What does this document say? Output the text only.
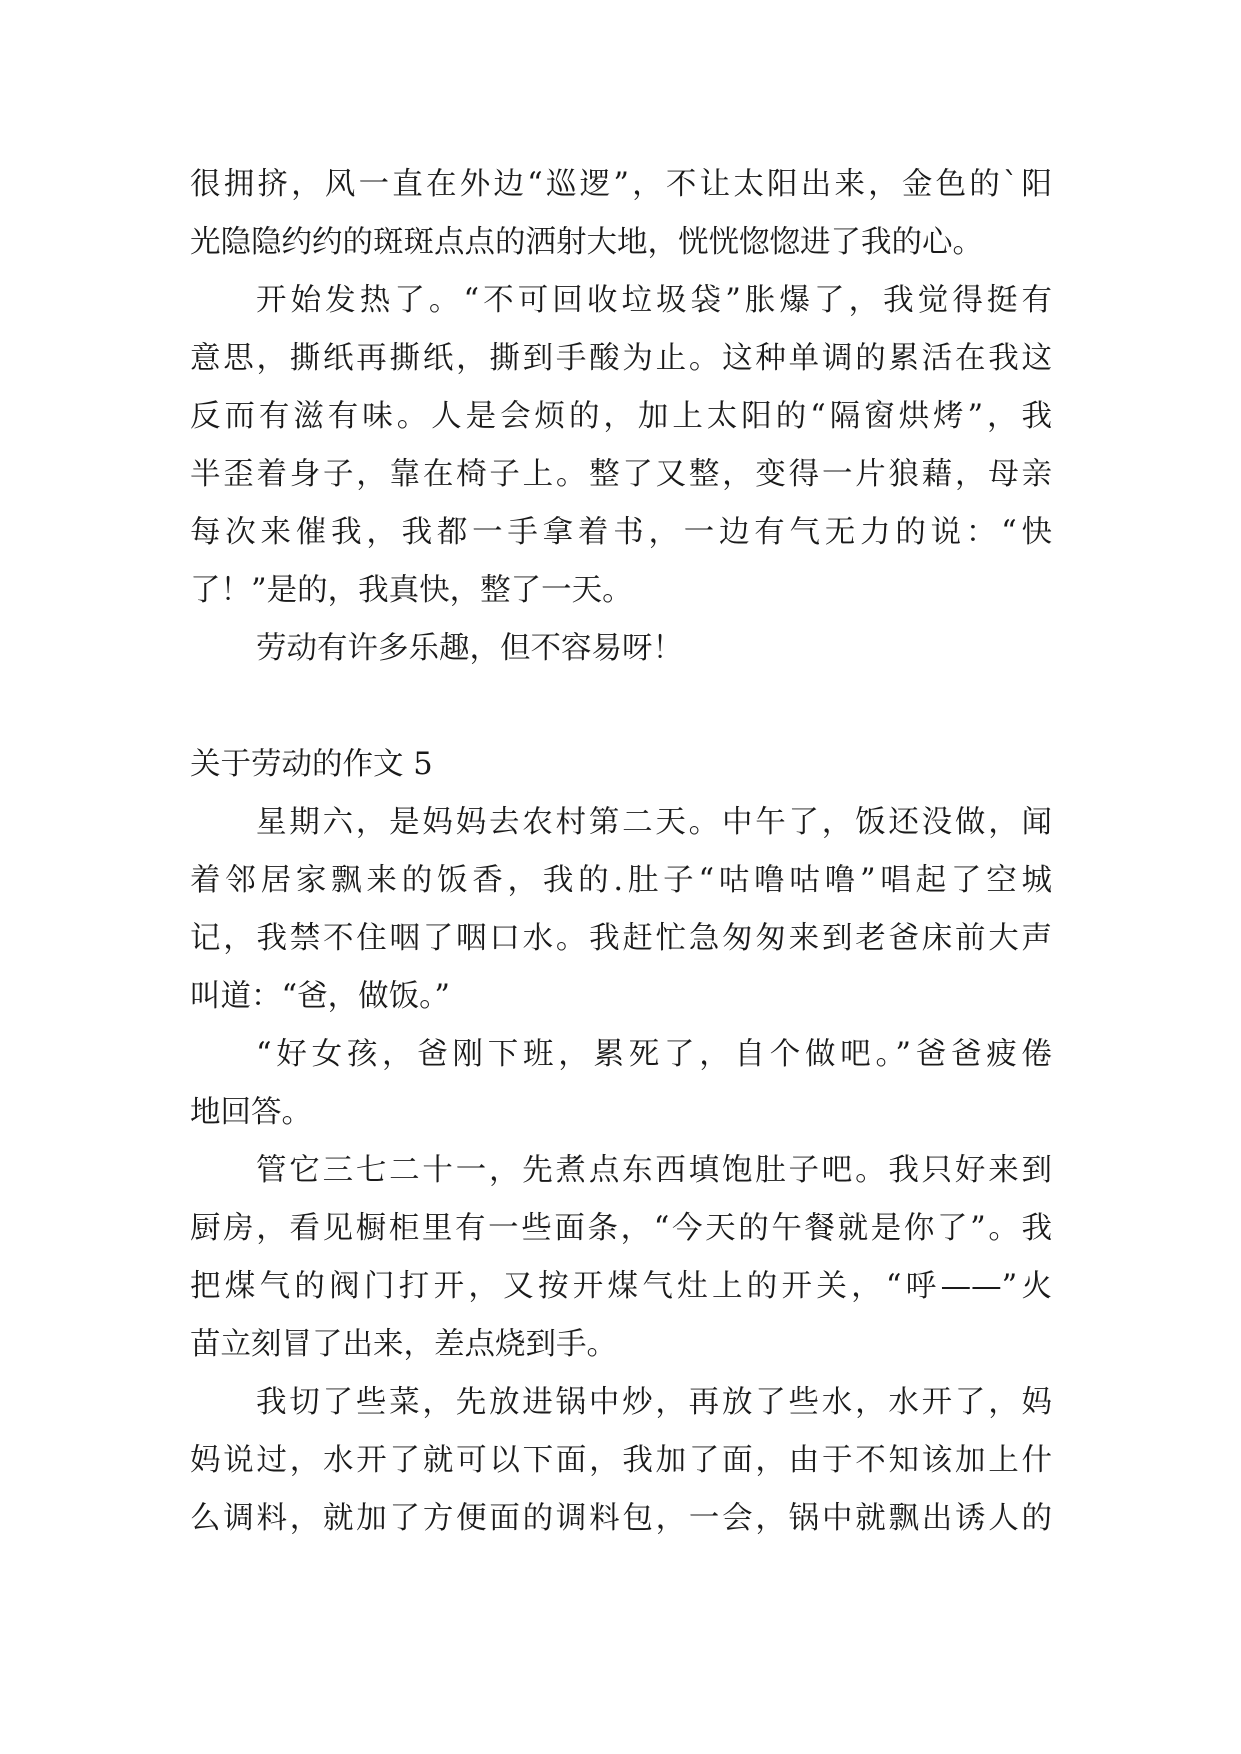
很拥挤，风一直在外边“巡逻”，不让太阳出来，金色的`阳
光隐隐约约的斑斑点点的洒射大地，恍恍惚惚进了我的心。
开始发热了。“不可回收垃圾袋”胀爆了，我觉得挺有
意思，撕纸再撕纸，撕到手酸为止。这种单调的累活在我这
反而有滋有味。人是会烦的，加上太阳的“隔窗烘烤”，我
半歪着身子，靠在椅子上。整了又整，变得一片狼藉，母亲
每次来催我，我都一手拿着书，一边有气无力的说：“快
了！”是的，我真快，整了一天。
劳动有许多乐趣，但不容易呀！
关于劳动的作文 5
星期六，是妈妈去农村第二天。中午了，饭还没做，闻
着邻居家飘来的饭香，我的.肚子“咕噜咕噜”唱起了空城
记，我禁不住咽了咽口水。我赶忙急匆匆来到老爸床前大声
叫道：“爸，做饭。”
“好女孩，爸刚下班，累死了，自个做吧。”爸爸疲倦
地回答。
管它三七二十一，先煮点东西填饱肚子吧。我只好来到
厨房，看见橱柜里有一些面条，“今天的午餐就是你了”。我
把煤气的阀门打开，又按开煤气灶上的开关，“呼——”火
苗立刻冒了出来，差点烧到手。
我切了些菜，先放进锅中炒，再放了些水，水开了，妈
妈说过，水开了就可以下面，我加了面，由于不知该加上什
么调料，就加了方便面的调料包，一会，锅中就飘出诱人的
